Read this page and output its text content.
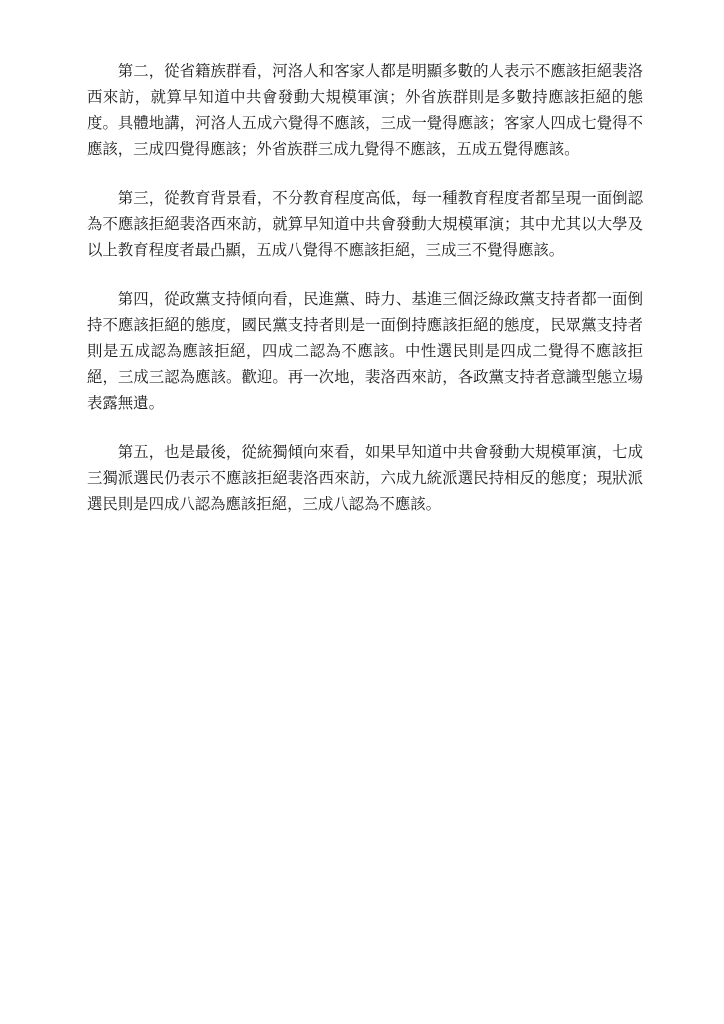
第二，從省籍族群看，河洛人和客家人都是明顯多數的人表示不應該拒絕裴洛西來訪，就算早知道中共會發動大規模軍演；外省族群則是多數持應該拒絕的態度。具體地講，河洛人五成六覺得不應該，三成一覺得應該；客家人四成七覺得不應該，三成四覺得應該；外省族群三成九覺得不應該，五成五覺得應該。

第三，從教育背景看，不分教育程度高低，每一種教育程度者都呈現一面倒認為不應該拒絕裴洛西來訪，就算早知道中共會發動大規模軍演；其中尤其以大學及以上教育程度者最凸顯，五成八覺得不應該拒絕，三成三不覺得應該。

第四，從政黨支持傾向看，民進黨、時力、基進三個泛綠政黨支持者都一面倒持不應該拒絕的態度，國民黨支持者則是一面倒持應該拒絕的態度，民眾黨支持者則是五成認為應該拒絕，四成二認為不應該。中性選民則是四成二覺得不應該拒絕，三成三認為應該。歡迎。再一次地，裴洛西來訪，各政黨支持者意識型態立場表露無遺。

第五，也是最後，從統獨傾向來看，如果早知道中共會發動大規模軍演，七成三獨派選民仍表示不應該拒絕裴洛西來訪，六成九統派選民持相反的態度；現狀派選民則是四成八認為應該拒絕，三成八認為不應該。
